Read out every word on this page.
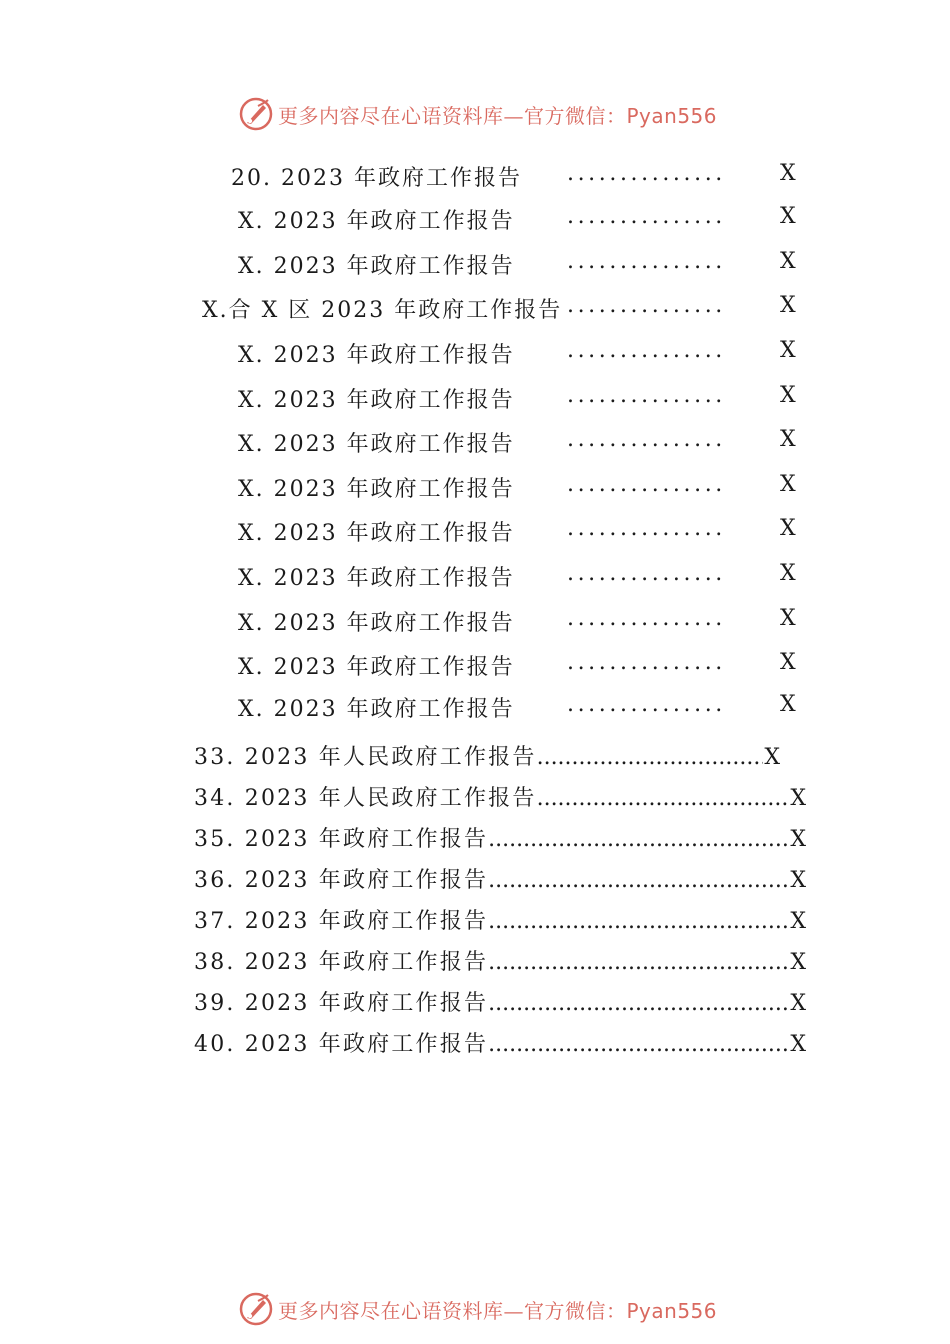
更多内容尽在心语资料库—官方微信：Pyan556
20. 2023 年政府工作报告 ............... X
X. 2023 年政府工作报告 ............... X
X. 2023 年政府工作报告 ............... X
X.合 X 区 2023 年政府工作报告 ............... X
X. 2023 年政府工作报告 ............... X
X. 2023 年政府工作报告 ............... X
X. 2023 年政府工作报告 ............... X
X. 2023 年政府工作报告 ............... X
X. 2023 年政府工作报告 ............... X
X. 2023 年政府工作报告 ............... X
X. 2023 年政府工作报告 ............... X
X. 2023 年政府工作报告 ............... X
X. 2023 年政府工作报告 ............... X
33. 2023 年人民政府工作报告 .....	X
34. 2023 年人民政府工作报告 .....	X
35. 2023 年政府工作报告 .....	X
36. 2023 年政府工作报告 .....	X
37. 2023 年政府工作报告 .....	X
38. 2023 年政府工作报告 .....	X
39. 2023 年政府工作报告 .....	X
40. 2023 年政府工作报告 .....	X
更多内容尽在心语资料库—官方微信：Pyan556
